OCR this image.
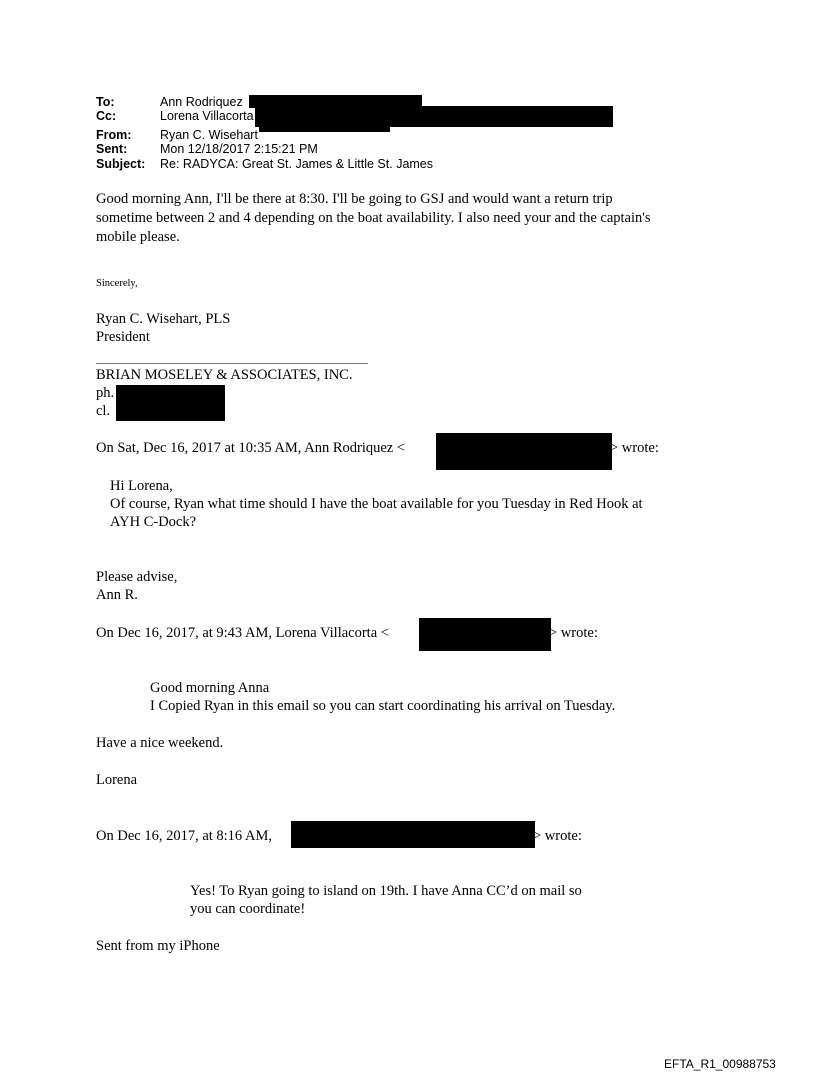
To:	Ann Rodriquez
Cc:	Lorena Villacorta
From: Ryan C. Wisehart
Sent:	Mon 12/18/2017 2:15:21 PM
Subject: Re: RADYCA: Great St. James & Little St. James
Good morning Ann, I'll be there at 8:30. I'll be going to GSJ and would want a return trip
sometime between 2 and 4 depending on the boat availability. I also need your and the captain's
mobile please.
Sincerely,
Ryan C. Wisehart, PLS
President
BRIAN MOSELEY & ASSOCIATES, INC.
ph.
cl.
On Sat, Dec 16, 2017 at 10:35 AM, Ann Rodriquez <	> wrote:
Hi Lorena,
Of course, Ryan what time should I have the boat available for you Tuesday in Red Hook at
AYH C-Dock?
Please advise,
Ann R.
On Dec 16, 2017, at 9:43 AM, Lorena Villacorta <	> wrote:
Good morning Anna
I Copied Ryan in this email so you can start coordinating his arrival on Tuesday.
Have a nice weekend.
Lorena
On Dec 16, 2017, at 8:16 AM,	> wrote:
Yes! To Ryan going to island on 19th. I have Anna CC’d on mail so
you can coordinate!
Sent from my iPhone
EFTA_R1_00988753
